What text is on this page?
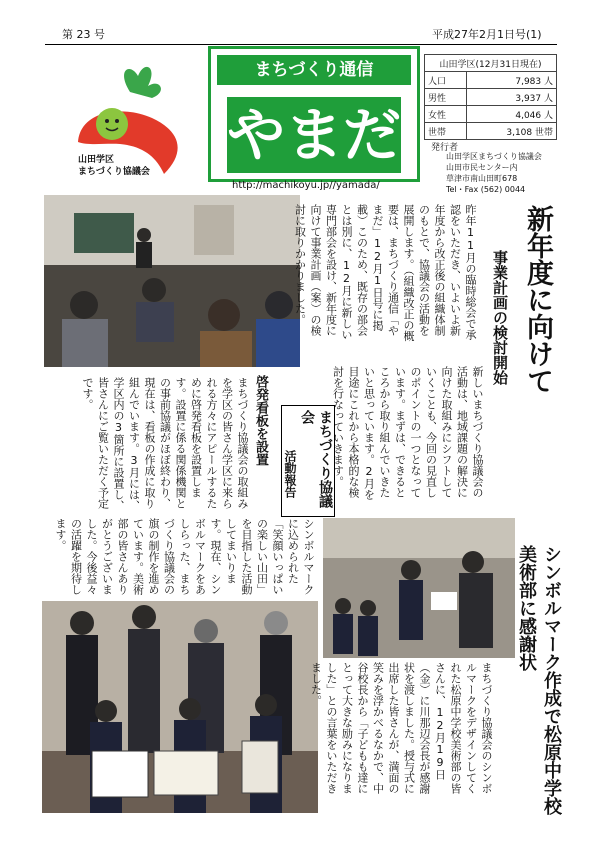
第 23 号	平成27年2月1日号(1)
山田学区
まちづくり協議会
まちづくり通信
やまだ
http://machikoyu.jp//yamada/
山田学区(12月31日現在)	
人口	7,983 人
男性	3,937 人
女性	4,046 人
世帯	3,108 世帯
発行者
山田学区まちづくり協議会
山田市民センター内
草津市南山田町678
Tel・Fax (562) 0044
新年度に向けて
事業計画の検討開始
昨年11月の臨時総会で承認をいただき、いよいよ新年度から改正後の組織体制のもとで、協議会の活動を展開します。（組織改正の概要は、まちづくり通信「やまだ」12月1日号に掲載）このため、既存の部会とは別に、12月に新しい専門部会を設け、新年度に向けて事業計画（案）の検討に取りかかりました。
新しいまちづくり協議会の活動は、地域課題の解決に向けた取組みにシフトしていくことも、今回の見直しのポイントの一つとなっています。まずは、できるところから取り組んでいきたいと思っています。2月を目途にこれから本格的な検討を行なっていきます。
まちづくり協議会
活動報告
啓発看板を設置
まちづくり協議会の取組みを学区の皆さん学区に来られる方々にアピールするために啓発看板を設置します。設置に係る関係機関との事前協議がほぼ終わり、現在は、看板の作成に取り組んでいます。3月には、学区内の3箇所に設置し、皆さんにご覧いただく予定です。
シンボルマークに込められた「笑顔いっぱいの楽しい山田」を目指した活動してまいります。現在、シンボルマークをあしらった、まちづくり協議会の旗の制作を進めています。美術部の皆さんありがとうございました。今後益々の活躍を期待します。
シンボルマーク作成で松原中学校美術部に感謝状
まちづくり協議会のシンボルマークをデザインしてくれた松原中学校美術部の皆さんに、12月19日（金）に川那辺会長が感謝状を渡しました。授与式に出席した皆さんが、満面の笑みを浮かべるなかで、中谷校長から「子どもも達にとって大きな励みになりました」との言葉をいただきました。
